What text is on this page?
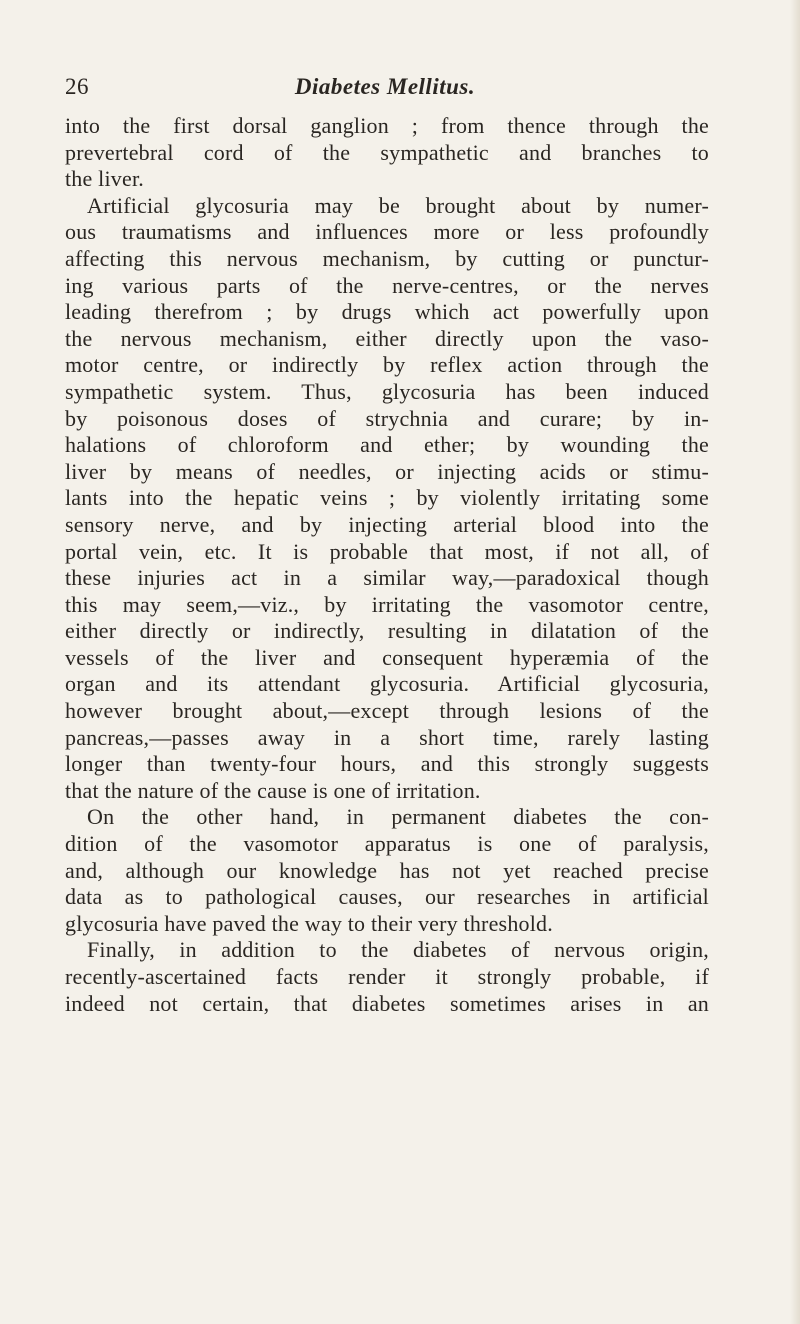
26	Diabetes Mellitus.
into the first dorsal ganglion ; from thence through the
prevertebral cord of the sympathetic and branches to
the liver.
Artificial glycosuria may be brought about by numer-
ous traumatisms and influences more or less profoundly
affecting this nervous mechanism, by cutting or punctur-
ing various parts of the nerve-centres, or the nerves
leading therefrom ; by drugs which act powerfully upon
the nervous mechanism, either directly upon the vaso-
motor centre, or indirectly by reflex action through the
sympathetic system. Thus, glycosuria has been induced
by poisonous doses of strychnia and curare; by in-
halations of chloroform and ether; by wounding the
liver by means of needles, or injecting acids or stimu-
lants into the hepatic veins ; by violently irritating some
sensory nerve, and by injecting arterial blood into the
portal vein, etc. It is probable that most, if not all, of
these injuries act in a similar way,—paradoxical though
this may seem,—viz., by irritating the vasomotor centre,
either directly or indirectly, resulting in dilatation of the
vessels of the liver and consequent hyperæmia of the
organ and its attendant glycosuria. Artificial glycosuria,
however brought about,—except through lesions of the
pancreas,—passes away in a short time, rarely lasting
longer than twenty-four hours, and this strongly suggests
that the nature of the cause is one of irritation.
On the other hand, in permanent diabetes the con-
dition of the vasomotor apparatus is one of paralysis,
and, although our knowledge has not yet reached precise
data as to pathological causes, our researches in artificial
glycosuria have paved the way to their very threshold.
Finally, in addition to the diabetes of nervous origin,
recently-ascertained facts render it strongly probable, if
indeed not certain, that diabetes sometimes arises in an
